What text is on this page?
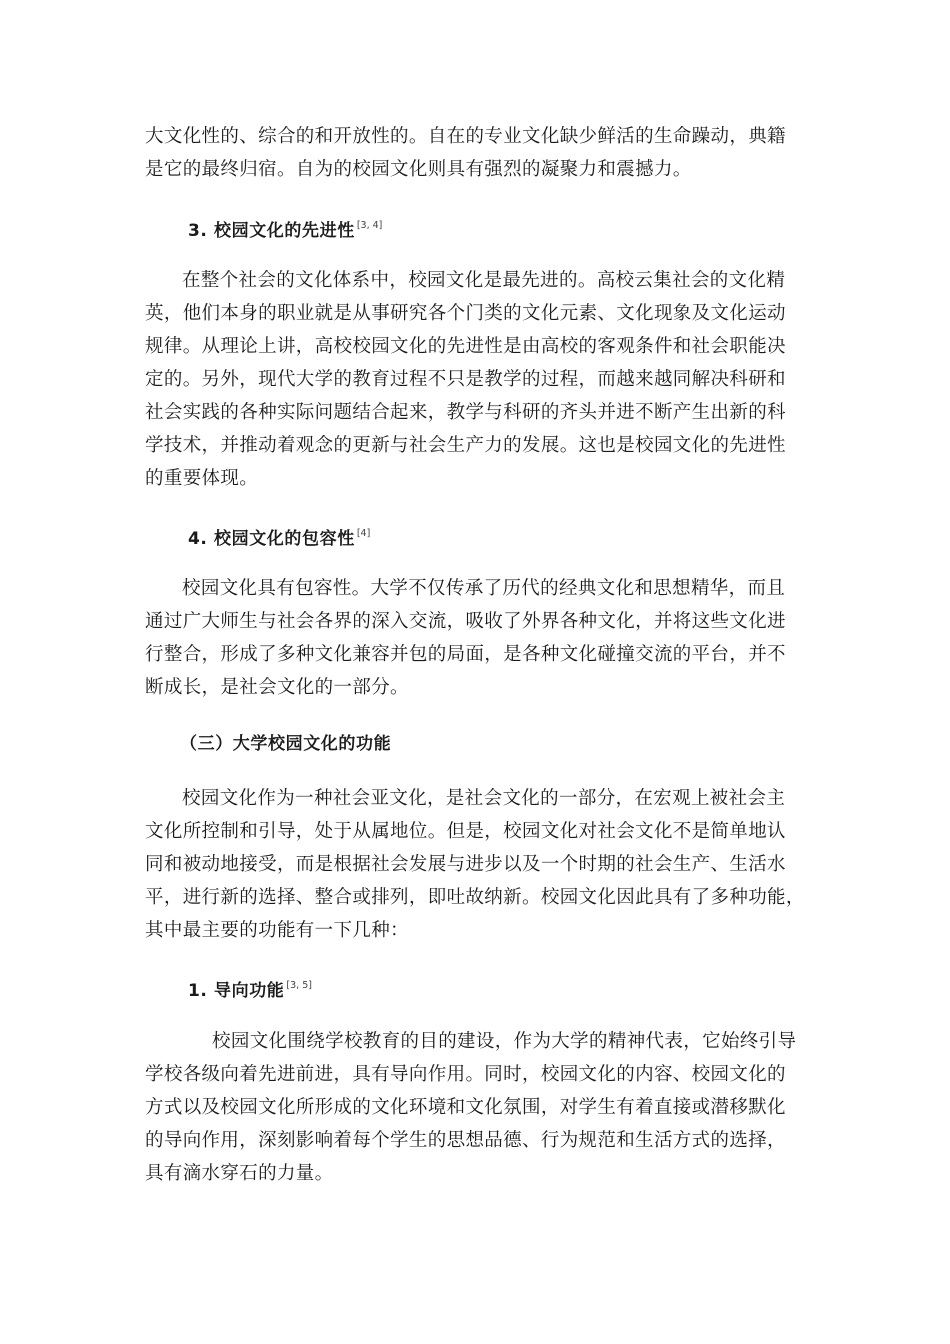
大文化性的、综合的和开放性的。自在的专业文化缺少鲜活的生命躁动，典籍
是它的最终归宿。自为的校园文化则具有强烈的凝聚力和震撼力。
3. 校园文化的先进性 [3, 4]
在整个社会的文化体系中，校园文化是最先进的。高校云集社会的文化精
英，他们本身的职业就是从事研究各个门类的文化元素、文化现象及文化运动
规律。从理论上讲，高校校园文化的先进性是由高校的客观条件和社会职能决
定的。另外，现代大学的教育过程不只是教学的过程，而越来越同解决科研和
社会实践的各种实际问题结合起来，教学与科研的齐头并进不断产生出新的科
学技术，并推动着观念的更新与社会生产力的发展。这也是校园文化的先进性
的重要体现。
4. 校园文化的包容性 [4]
校园文化具有包容性。大学不仅传承了历代的经典文化和思想精华，而且
通过广大师生与社会各界的深入交流，吸收了外界各种文化，并将这些文化进
行整合，形成了多种文化兼容并包的局面，是各种文化碰撞交流的平台，并不
断成长，是社会文化的一部分。
（三）大学校园文化的功能
校园文化作为一种社会亚文化，是社会文化的一部分，在宏观上被社会主
文化所控制和引导，处于从属地位。但是，校园文化对社会文化不是简单地认
同和被动地接受，而是根据社会发展与进步以及一个时期的社会生产、生活水
平，进行新的选择、整合或排列，即吐故纳新。校园文化因此具有了多种功能，
其中最主要的功能有一下几种：
1. 导向功能 [3, 5]
校园文化围绕学校教育的目的建设，作为大学的精神代表，它始终引导
学校各级向着先进前进，具有导向作用。同时，校园文化的内容、校园文化的
方式以及校园文化所形成的文化环境和文化氛围，对学生有着直接或潜移默化
的导向作用，深刻影响着每个学生的思想品德、行为规范和生活方式的选择，
具有滴水穿石的力量。
